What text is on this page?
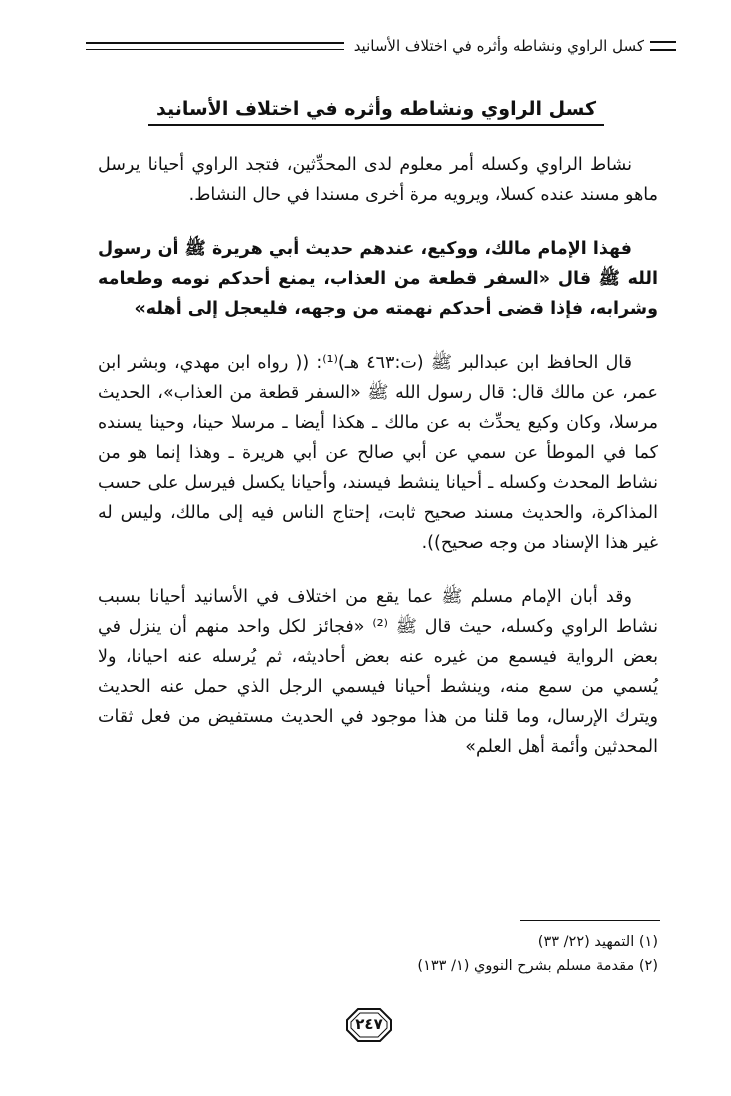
كسل الراوي ونشاطه وأثره في اختلاف الأسانيد
كسل الراوي ونشاطه وأثره في اختلاف الأسانيد

نشاط الراوي وكسله أمر معلوم لدى المحدِّثين، فتجد الراوي أحيانا يرسل ماهو مسند عنده كسلا، ويرويه مرة أخرى مسندا في حال النشاط.

فهذا الإمام مالك، ووكيع، عندهم حديث أبي هريرة ﷺ أن رسول الله ﷺ قال «السفر قطعة من العذاب، يمنع أحدكم نومه وطعامه وشرابه، فإذا قضى أحدكم نهمته من وجهه، فليعجل إلى أهله»

قال الحافظ ابن عبدالبر ﷺ (ت:٤٦٣ هـ)⁽¹⁾: (( رواه ابن مهدي، وبشر ابن عمر، عن مالك قال: قال رسول الله ﷺ «السفر قطعة من العذاب»، الحديث مرسلا، وكان وكيع يحدِّث به عن مالك ـ هكذا أيضا ـ مرسلا حينا، وحينا يسنده كما في الموطأ عن سمي عن أبي صالح عن أبي هريرة ـ وهذا إنما هو من نشاط المحدث وكسله ـ أحيانا ينشط فيسند، وأحيانا يكسل فيرسل على حسب المذاكرة، والحديث مسند صحيح ثابت، إحتاج الناس فيه إلى مالك، وليس له غير هذا الإسناد من وجه صحيح)).

وقد أبان الإمام مسلم ﷺ عما يقع من اختلاف في الأسانيد أحيانا بسبب نشاط الراوي وكسله، حيث قال ﷺ ⁽²⁾ «فجائز لكل واحد منهم أن ينزل في بعض الرواية فيسمع من غيره عنه بعض أحاديثه، ثم يُرسله عنه احيانا، ولا يُسمي من سمع منه، وينشط أحيانا فيسمي الرجل الذي حمل عنه الحديث ويترك الإرسال، وما قلنا من هذا موجود في الحديث مستفيض من فعل ثقات المحدثين وأئمة أهل العلم»

(١) التمهيد (٢٢/ ٣٣)
(٢) مقدمة مسلم بشرح النووي (١/ ١٣٣)
٢٤٧
